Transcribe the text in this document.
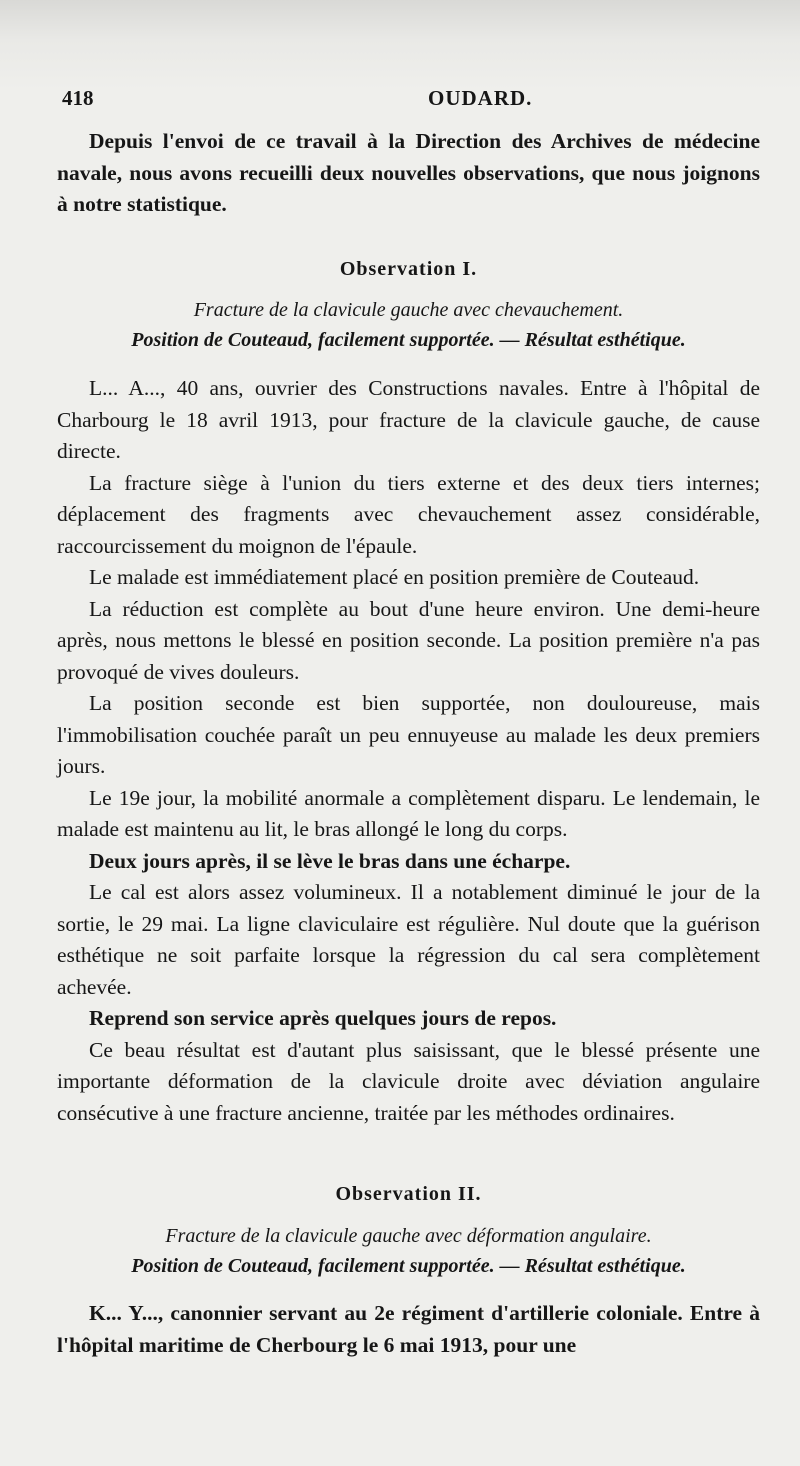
418	OUDARD.
Depuis l'envoi de ce travail à la Direction des Archives de médecine navale, nous avons recueilli deux nouvelles observations, que nous joignons à notre statistique.
Observation I.
Fracture de la clavicule gauche avec chevauchement.
Position de Couteaud, facilement supportée. — Résultat esthétique.

L... A..., 40 ans, ouvrier des Constructions navales. Entre à l'hôpital de Charbourg le 18 avril 1913, pour fracture de la clavicule gauche, de cause directe.

La fracture siège à l'union du tiers externe et des deux tiers internes; déplacement des fragments avec chevauchement assez considérable, raccourcissement du moignon de l'épaule.

Le malade est immédiatement placé en position première de Couteaud.

La réduction est complète au bout d'une heure environ. Une demi-heure après, nous mettons le blessé en position seconde. La position première n'a pas provoqué de vives douleurs.

La position seconde est bien supportée, non douloureuse, mais l'immobilisation couchée paraît un peu ennuyeuse au malade les deux premiers jours.

Le 19e jour, la mobilité anormale a complètement disparu. Le lendemain, le malade est maintenu au lit, le bras allongé le long du corps.

Deux jours après, il se lève le bras dans une écharpe.

Le cal est alors assez volumineux. Il a notablement diminué le jour de la sortie, le 29 mai. La ligne claviculaire est régulière. Nul doute que la guérison esthétique ne soit parfaite lorsque la régression du cal sera complètement achevée.

Reprend son service après quelques jours de repos.

Ce beau résultat est d'autant plus saisissant, que le blessé présente une importante déformation de la clavicule droite avec déviation angulaire consécutive à une fracture ancienne, traitée par les méthodes ordinaires.

Observation II.
Fracture de la clavicule gauche avec déformation angulaire.
Position de Couteaud, facilement supportée. — Résultat esthétique.

K... Y..., canonnier servant au 2e régiment d'artillerie coloniale. Entre à l'hôpital maritime de Cherbourg le 6 mai 1913, pour une
